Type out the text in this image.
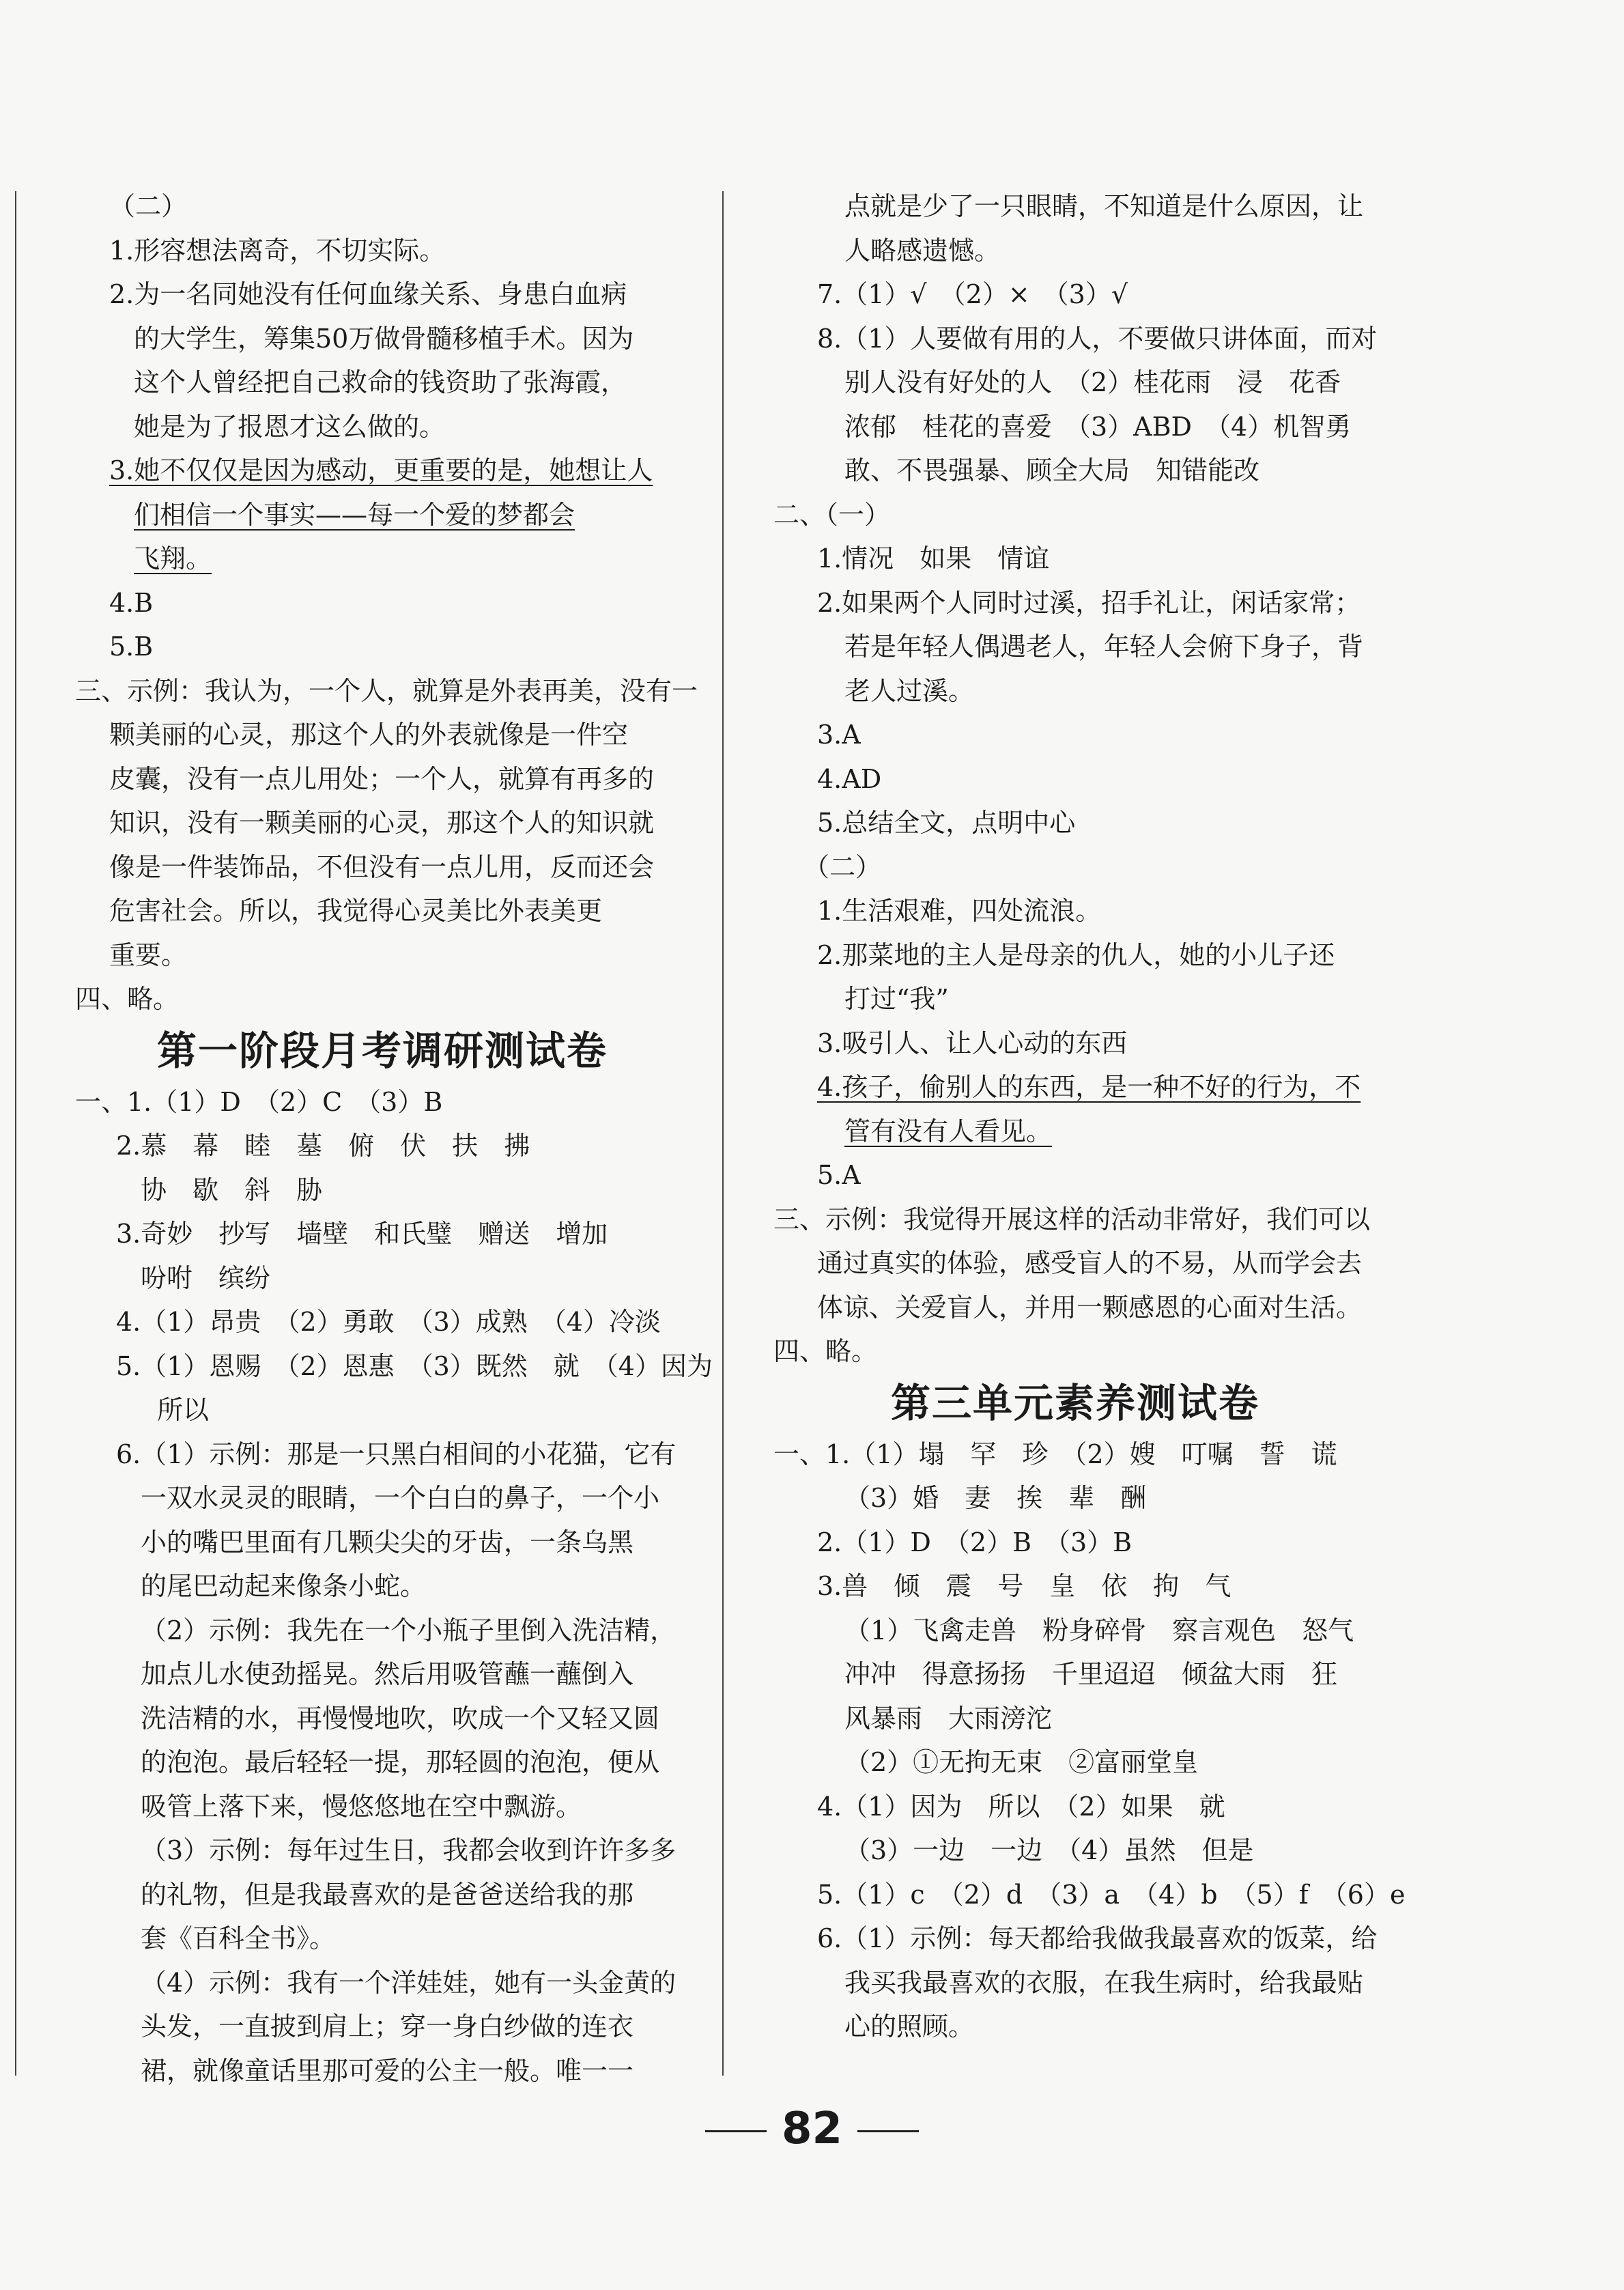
（二）
1.形容想法离奇，不切实际。
2.为一名同她没有任何血缘关系、身患白血病
的大学生，筹集50万做骨髓移植手术。因为
这个人曾经把自己救命的钱资助了张海霞，
她是为了报恩才这么做的。
3.她不仅仅是因为感动，更重要的是，她想让人
们相信一个事实——每一个爱的梦都会
飞翔。
4.B
5.B
三、示例：我认为，一个人，就算是外表再美，没有一
颗美丽的心灵，那这个人的外表就像是一件空
皮囊，没有一点儿用处；一个人，就算有再多的
知识，没有一颗美丽的心灵，那这个人的知识就
像是一件装饰品，不但没有一点儿用，反而还会
危害社会。所以，我觉得心灵美比外表美更
重要。
四、略。
第一阶段月考调研测试卷
一、1.（1）D　（2）C　（3）B
2.慕　幕　睦　墓　俯　伏　扶　拂
协　歇　斜　胁
3.奇妙　抄写　墙壁　和氏璧　赠送　增加
吩咐　缤纷
4.（1）昂贵　（2）勇敢　（3）成熟　（4）冷淡
5.（1）恩赐　（2）恩惠　（3）既然　就　（4）因为
所以
6.（1）示例：那是一只黑白相间的小花猫，它有
一双水灵灵的眼睛，一个白白的鼻子，一个小
小的嘴巴里面有几颗尖尖的牙齿，一条乌黑
的尾巴动起来像条小蛇。
（2）示例：我先在一个小瓶子里倒入洗洁精，
加点儿水使劲摇晃。然后用吸管蘸一蘸倒入
洗洁精的水，再慢慢地吹，吹成一个又轻又圆
的泡泡。最后轻轻一提，那轻圆的泡泡，便从
吸管上落下来，慢悠悠地在空中飘游。
（3）示例：每年过生日，我都会收到许许多多
的礼物，但是我最喜欢的是爸爸送给我的那
套《百科全书》。
（4）示例：我有一个洋娃娃，她有一头金黄的
头发，一直披到肩上；穿一身白纱做的连衣
裙，就像童话里那可爱的公主一般。唯一一
点就是少了一只眼睛，不知道是什么原因，让
人略感遗憾。
7.（1）√　（2）×　（3）√
8.（1）人要做有用的人，不要做只讲体面，而对
别人没有好处的人　（2）桂花雨　浸　花香
浓郁　桂花的喜爱　（3）ABD　（4）机智勇
敢、不畏强暴、顾全大局　知错能改
二、（一）
1.情况　如果　情谊
2.如果两个人同时过溪，招手礼让，闲话家常；
若是年轻人偶遇老人，年轻人会俯下身子，背
老人过溪。
3.A
4.AD
5.总结全文，点明中心
（二）
1.生活艰难，四处流浪。
2.那菜地的主人是母亲的仇人，她的小儿子还
打过“我”
3.吸引人、让人心动的东西
4.孩子，偷别人的东西，是一种不好的行为，不
管有没有人看见。
5.A
三、示例：我觉得开展这样的活动非常好，我们可以
通过真实的体验，感受盲人的不易，从而学会去
体谅、关爱盲人，并用一颗感恩的心面对生活。
四、略。
第三单元素养测试卷
一、1.（1）塌　罕　珍　（2）嫂　叮嘱　誓　谎
（3）婚　妻　挨　辈　酬
2.（1）D　（2）B　（3）B
3.兽　倾　震　号　皇　依　拘　气
（1）飞禽走兽　粉身碎骨　察言观色　怒气
冲冲　得意扬扬　千里迢迢　倾盆大雨　狂
风暴雨　大雨滂沱
（2）①无拘无束　②富丽堂皇
4.（1）因为　所以　（2）如果　就
（3）一边　一边　（4）虽然　但是
5.（1）c　（2）d　（3）a　（4）b　（5）f　（6）e
6.（1）示例：每天都给我做我最喜欢的饭菜，给
我买我最喜欢的衣服，在我生病时，给我最贴
心的照顾。
82
